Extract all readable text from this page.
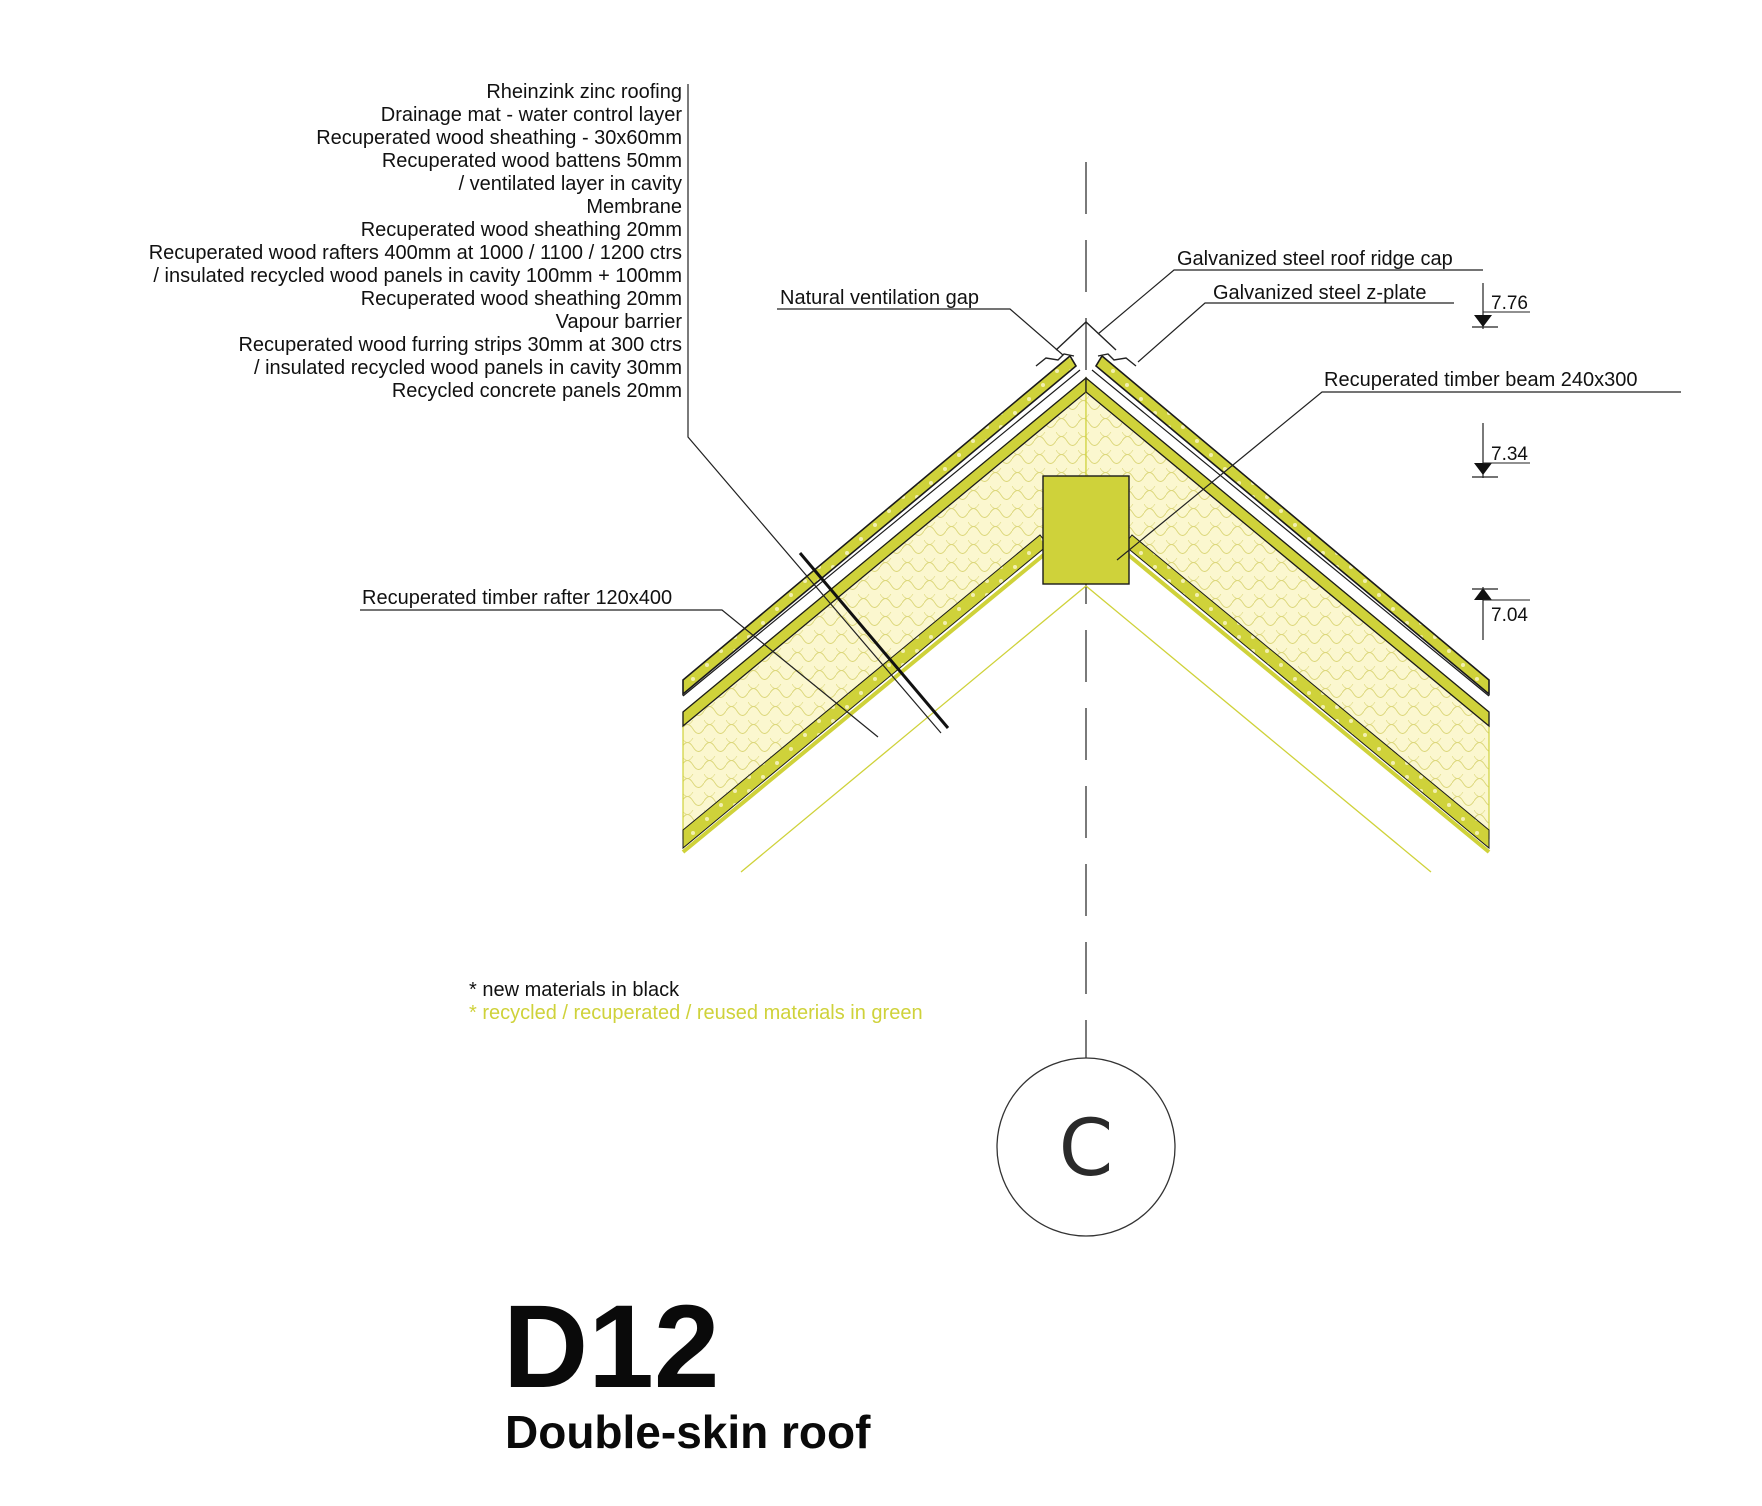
Rheinzink zinc roofing
Drainage mat - water control layer
Recuperated wood sheathing - 30x60mm
Recuperated wood battens 50mm
/ ventilated layer in cavity
Membrane
Recuperated wood sheathing 20mm
Recuperated wood rafters 400mm at 1000 / 1100 / 1200 ctrs
/ insulated recycled wood panels in cavity 100mm + 100mm
Recuperated wood sheathing 20mm
Vapour barrier
Recuperated wood furring strips 30mm at 300 ctrs
/ insulated recycled wood panels in cavity 30mm
Recycled concrete panels 20mm
Natural ventilation gap
Galvanized steel roof ridge cap
Galvanized steel z-plate
Recuperated timber beam 240x300
Recuperated timber rafter 120x400
7.76
7.34
7.04
* new materials in black
* recycled / recuperated / reused materials in green
C
D12
Double-skin roof
